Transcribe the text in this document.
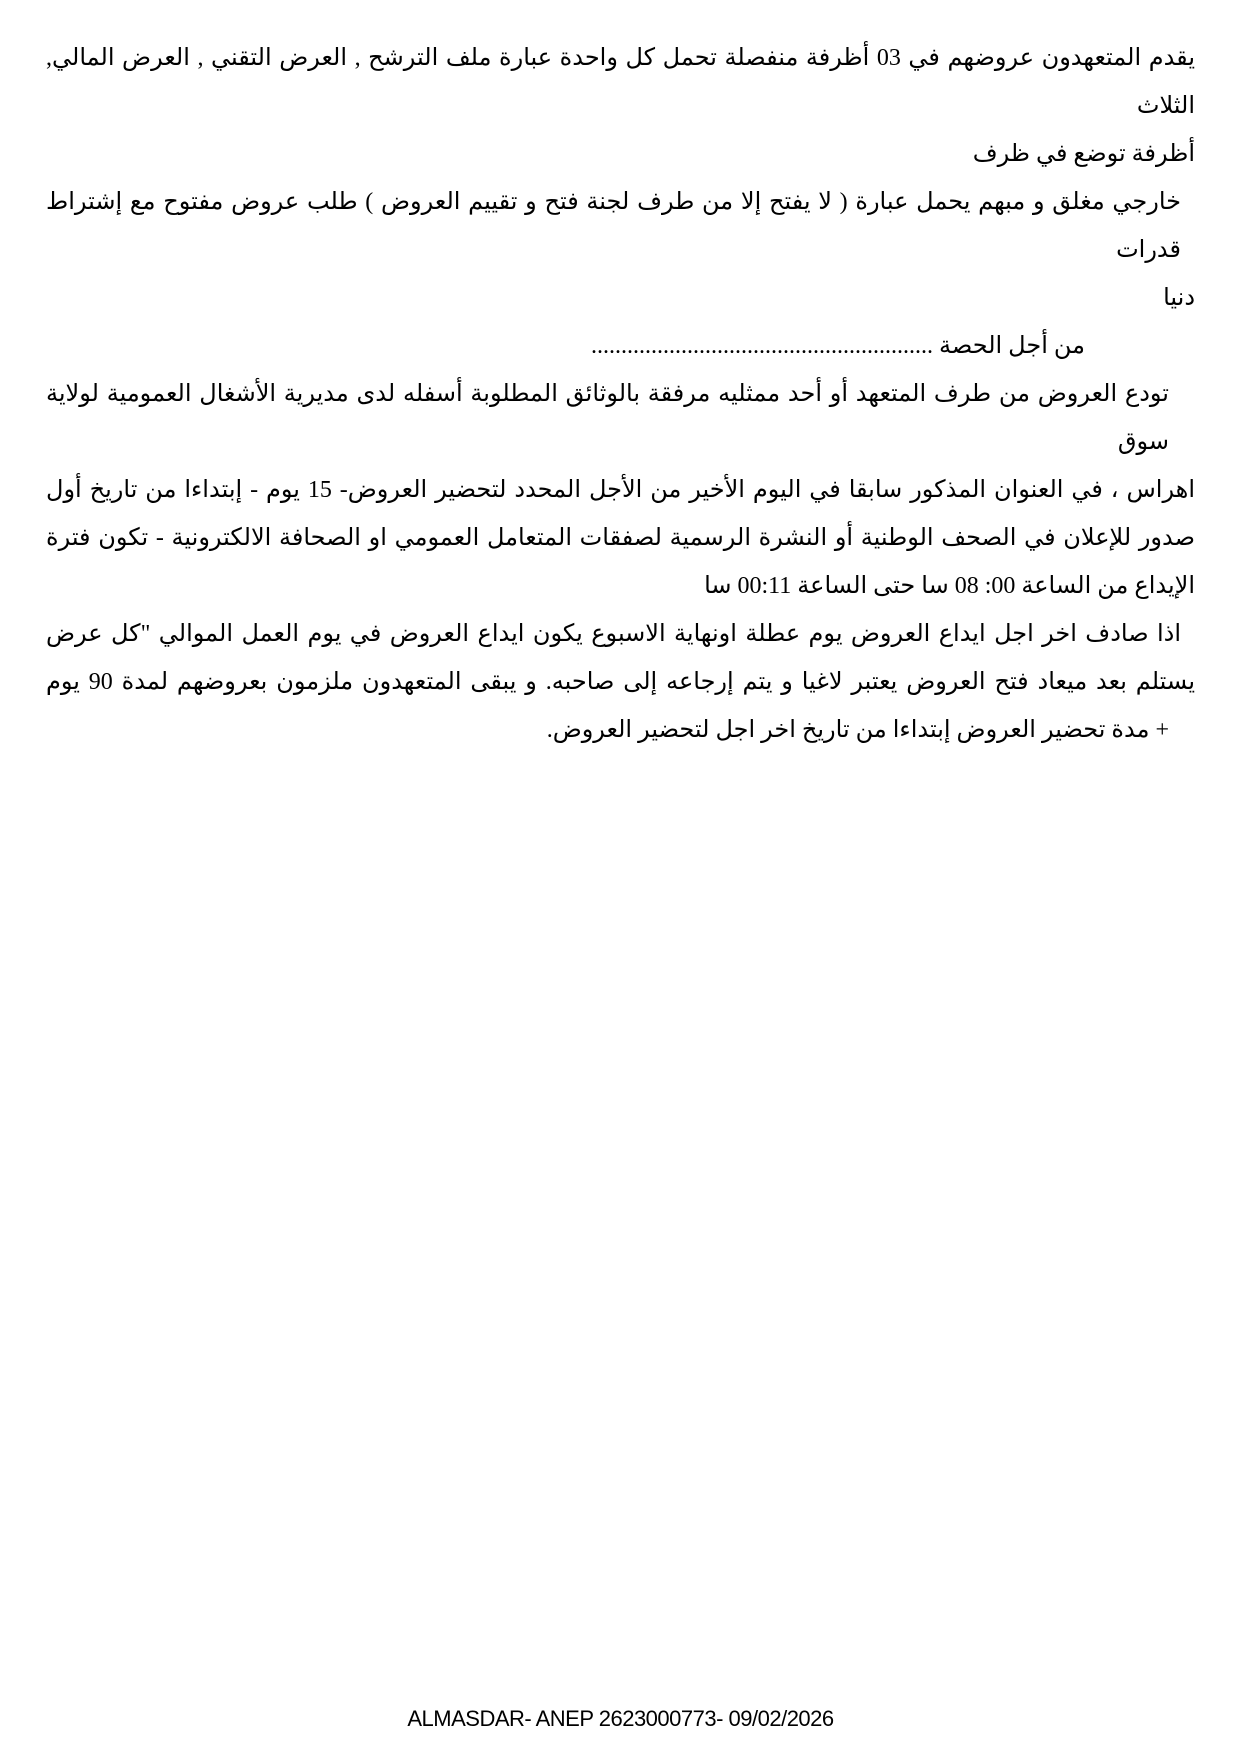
يقدم المتعهدون عروضهم في 03 أظرفة منفصلة تحمل كل واحدة عبارة ملف الترشح , العرض التقني , العرض المالي, الثلاث
أظرفة توضع في ظرف
خارجي مغلق و مبهم يحمل عبارة ( لا يفتح إلا من طرف لجنة فتح و تقييم العروض ) طلب عروض مفتوح مع إشتراط قدرات
دنيا
من أجل الحصة .........................................................
تودع العروض من طرف المتعهد أو أحد ممثليه مرفقة بالوثائق المطلوبة أسفله لدى مديرية الأشغال العمومية لولاية سوق
اهراس ، في العنوان المذكور سابقا في اليوم الأخير من الأجل المحدد لتحضير العروض- 15 يوم - إبتداءا من تاريخ أول
صدور للإعلان في الصحف الوطنية أو النشرة الرسمية لصفقات المتعامل العمومي او الصحافة الالكترونية - تكون فترة
الإيداع من الساعة 00: 08 سا حتى الساعة 00:11 سا
اذا صادف اخر اجل ايداع العروض يوم عطلة اونهاية الاسبوع يكون ايداع العروض في يوم العمل الموالي "كل عرض
يستلم بعد ميعاد فتح العروض يعتبر لاغيا و يتم إرجاعه إلى صاحبه. و يبقى المتعهدون ملزمون بعروضهم لمدة 90 يوم
+ مدة تحضير العروض إبتداءا من تاريخ اخر اجل لتحضير العروض.
ALMASDAR- ANEP 2623000773- 09/02/2026
